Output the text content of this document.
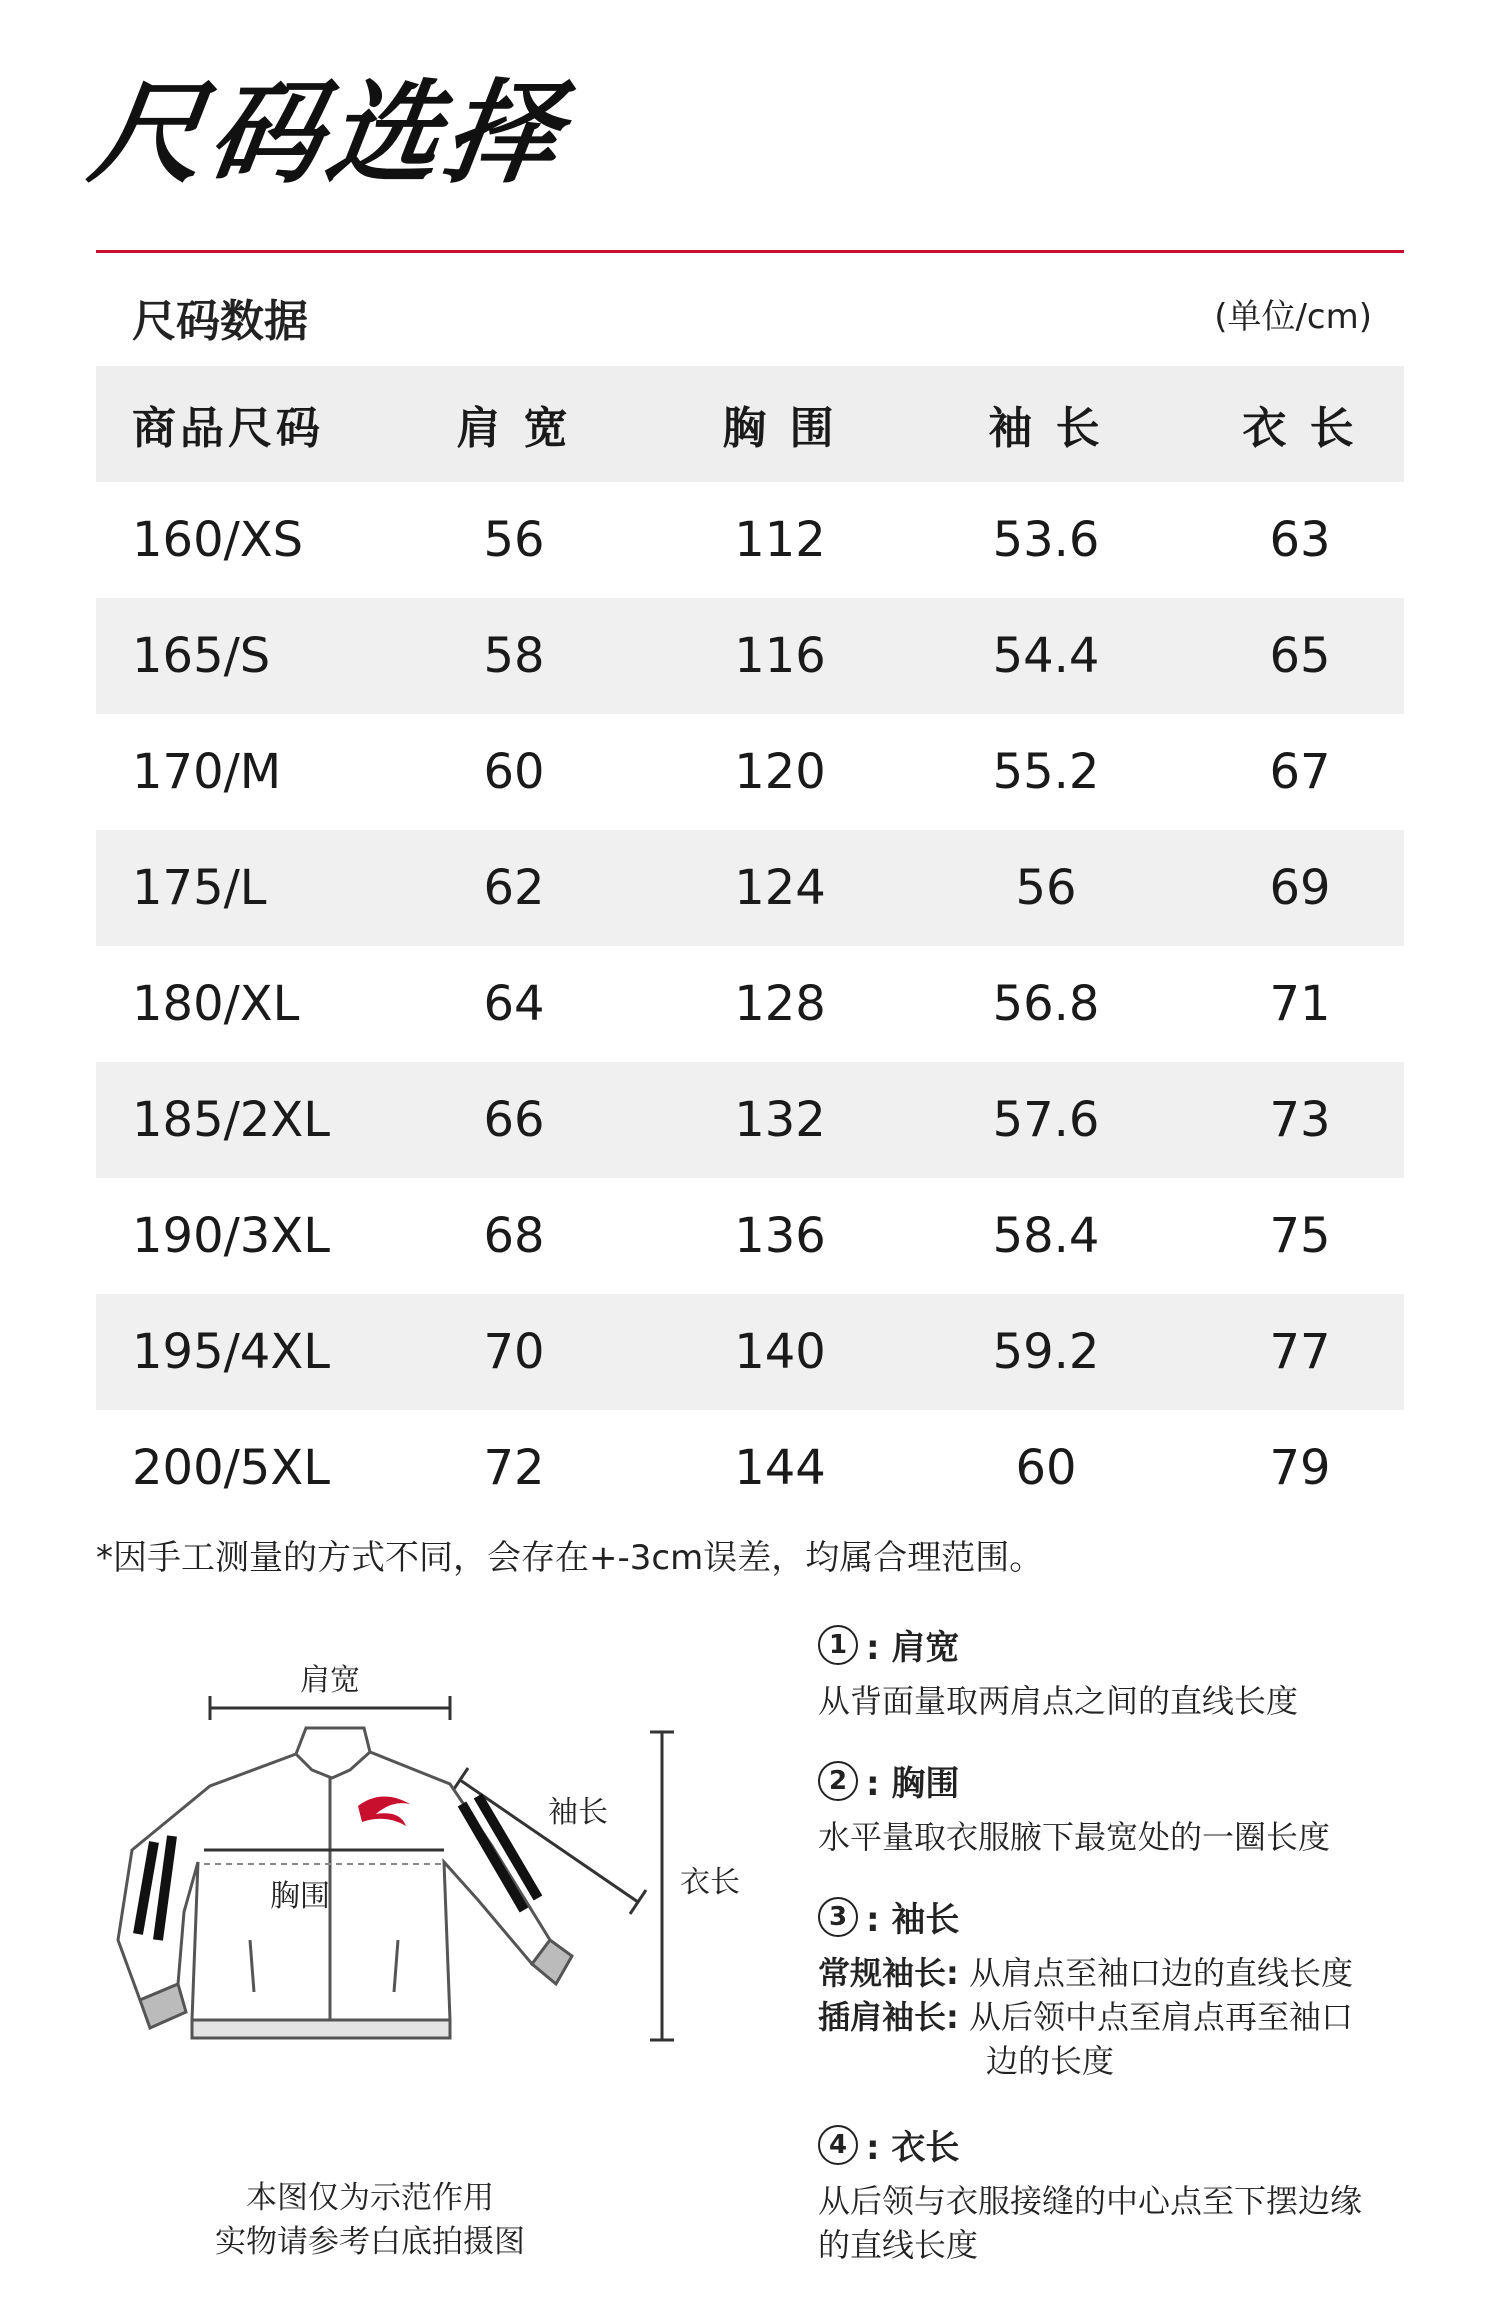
尺码选择
尺码数据	(单位/cm)
商品尺码	肩 宽	胸 围	袖 长	衣 长
160/XS	56	112	53.6	63
165/S	58	116	54.4	65
170/M	60	120	55.2	67
175/L	62	124	56	69
180/XL	64	128	56.8	71
185/2XL	66	132	57.6	73
190/3XL	68	136	58.4	75
195/4XL	70	140	59.2	77
200/5XL	72	144	60	79
*因手工测量的方式不同，会存在+-3cm误差，均属合理范围。
肩宽
袖长
衣长
胸围
本图仅为示范作用
实物请参考白底拍摄图
1 : 肩宽
从背面量取两肩点之间的直线长度
2 : 胸围
水平量取衣服腋下最宽处的一圈长度
3 : 袖长
常规袖长: 从肩点至袖口边的直线长度
插肩袖长: 从后领中点至肩点再至袖口
边的长度
4 : 衣长
从后领与衣服接缝的中心点至下摆边缘
的直线长度
